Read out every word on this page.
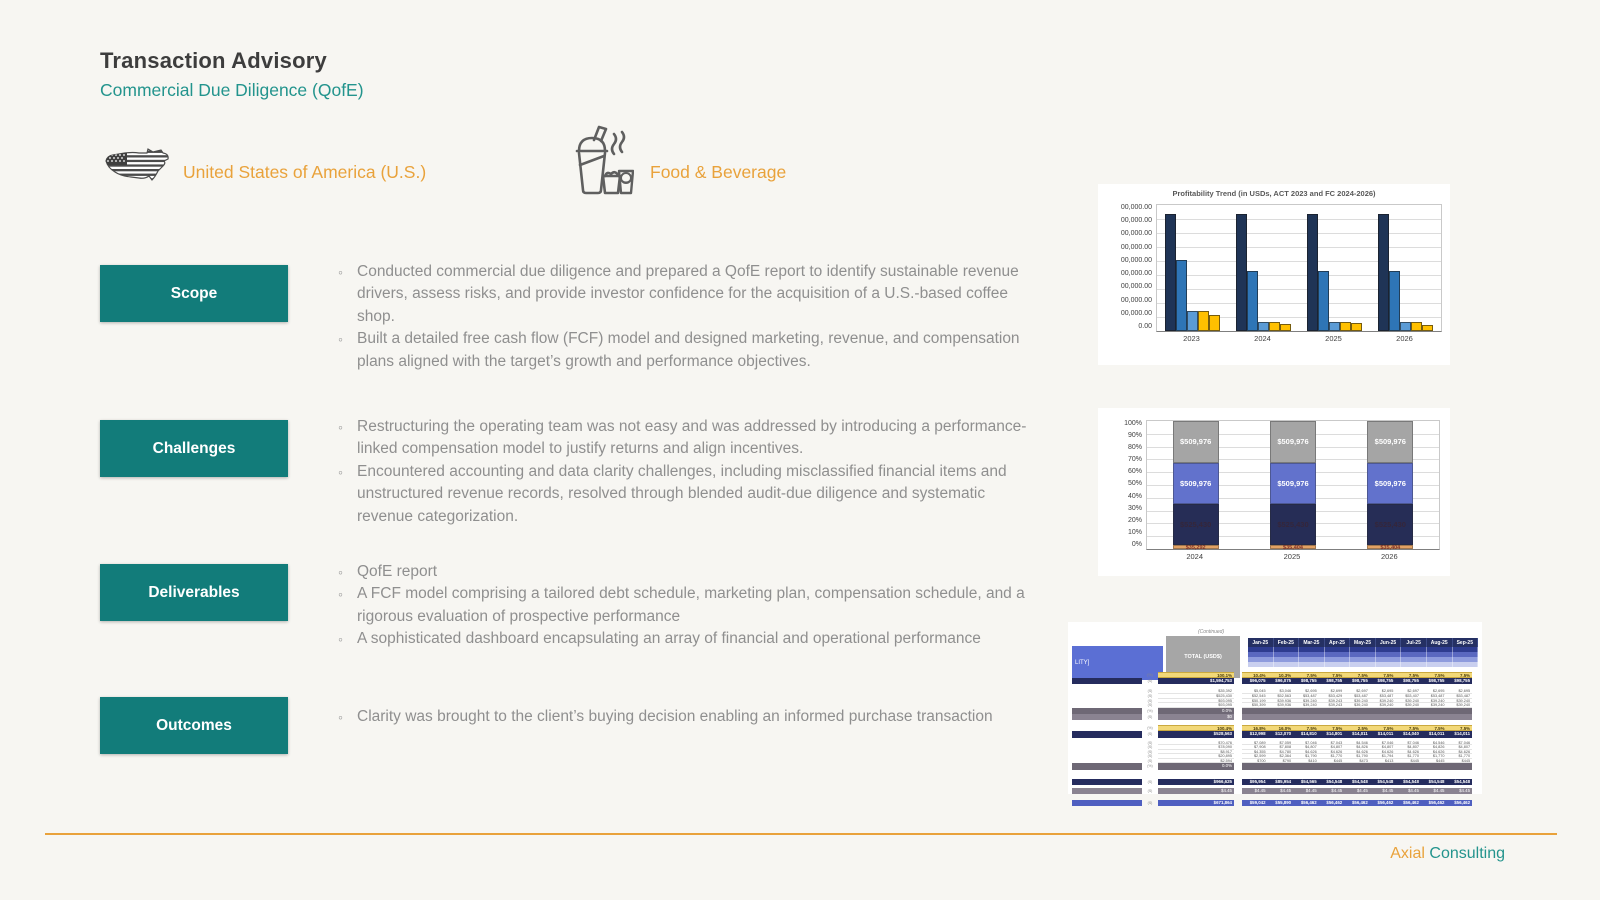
Transaction Advisory
Commercial Due Diligence (QofE)
United States of America (U.S.)	Food & Beverage
Scope
◦ Conducted commercial due diligence and prepared a QofE report to identify sustainable revenue drivers, assess risks, and provide investor confidence for the acquisition of a U.S.-based coffee shop.
◦ Built a detailed free cash flow (FCF) model and designed marketing, revenue, and compensation plans aligned with the target’s growth and performance objectives.
Challenges
◦ Restructuring the operating team was not easy and was addressed by introducing a performance-linked compensation model to justify returns and align incentives.
◦ Encountered accounting and data clarity challenges, including misclassified financial items and unstructured revenue records, resolved through blended audit-due diligence and systematic revenue categorization.
Deliverables
◦ QofE report
◦ A FCF model comprising a tailored debt schedule, marketing plan, compensation schedule, and a rigorous evaluation of prospective performance
◦ A sophisticated dashboard encapsulating an array of financial and operational performance
Outcomes	◦ Clarity was brought to the client’s buying decision enabling an informed purchase transaction
Profitability Trend (in USDs, ACT 2023 and FC 2024-2026)
00,000.00
00,000.00
00,000.00
00,000.00
00,000.00
00,000.00
00,000.00
00,000.00
00,000.00
0.00
2023	2024	2025	2026
100%
90%
80%
70%
60%
50%
40%
30%
20%
10%
0%
$35,292
$525,430
$509,976
$509,976
$35,404
$525,430
$509,976
$509,976
$35,404
$525,430
$509,976
$509,976
2024	2025	2026
(Continued)
LITY]
TOTAL (USD$)
Jan-25	Feb-25	Mar-25	Apr-25	May-25	Jun-25	Jul-25	Aug-25	Sep-25
(%)	100.1%	10.4%	10.3%	7.5%	7.5%	7.5%	7.5%	7.5%	7.5%	7.5%
(S)	$1,594,753	$96,075	$96,075	$98,755	$98,755	$98,755	$98,755	$98,755	$98,755	$98,755
(S)	$35,392	$5,045	$3,046	$2,695	$2,699	$2,697	$2,695	$2,697	$2,695	$2,695
(S)	$525,430	$52,545	$52,563	$53,487	$53,429	$53,487	$53,487	$53,407	$53,487	$53,487
(S)	$93,095	$50,199	$39,936	$39,240	$39,243	$39,240	$39,240	$39,240	$39,240	$39,240
(S)	$93,095	$50,399	$39,936	$39,240	$39,243	$39,240	$39,240	$39,240	$39,240	$39,240
(%)	0.0%
(S)	$0
(%)	100.4%	16.8%	16.0%	7.5%	7.5%	2.5%	7.5%	7.5%	7.5%	7.5%
(S)	$528,563	$12,998	$12,070	$14,810	$14,801	$14,011	$14,011	$14,040	$14,011	$14,011
(S)	$70,476	$7,089	$7,059	$7,046	$7,043	$4,546	$7,046	$7,046	$4,546	$7,046
(S)	$78,090	$7,908	$7,808	$4,807	$4,807	$4,826	$4,807	$4,807	$4,826	$4,807
(S)	$8,917	$4,355	$4,780	$4,626	$4,626	$4,626	$4,626	$4,626	$4,626	$4,626
(S)	$20,895	$2,599	$2,364	$1,790	$1,770	$1,790	$1,794	$1,770	$1,770	$1,770
(S)	$2,594	$700	$790	$410	$445	$473	$413	$445	$445	$445
(%)	0.0%
(S)	$966,625	$95,954	$85,954	$54,565	$54,548	$54,548	$54,548	$54,548	$54,548	$54,548
(S)	$4.45	$4.45	$4.45	$4.45	$4.45	$4.45	$4.45	$4.45	$4.45	$4.45
(S)	$671,864	$59,042	$55,890	$56,462	$56,462	$56,462	$56,462	$56,462	$56,462	$56,462
Axial Consulting
